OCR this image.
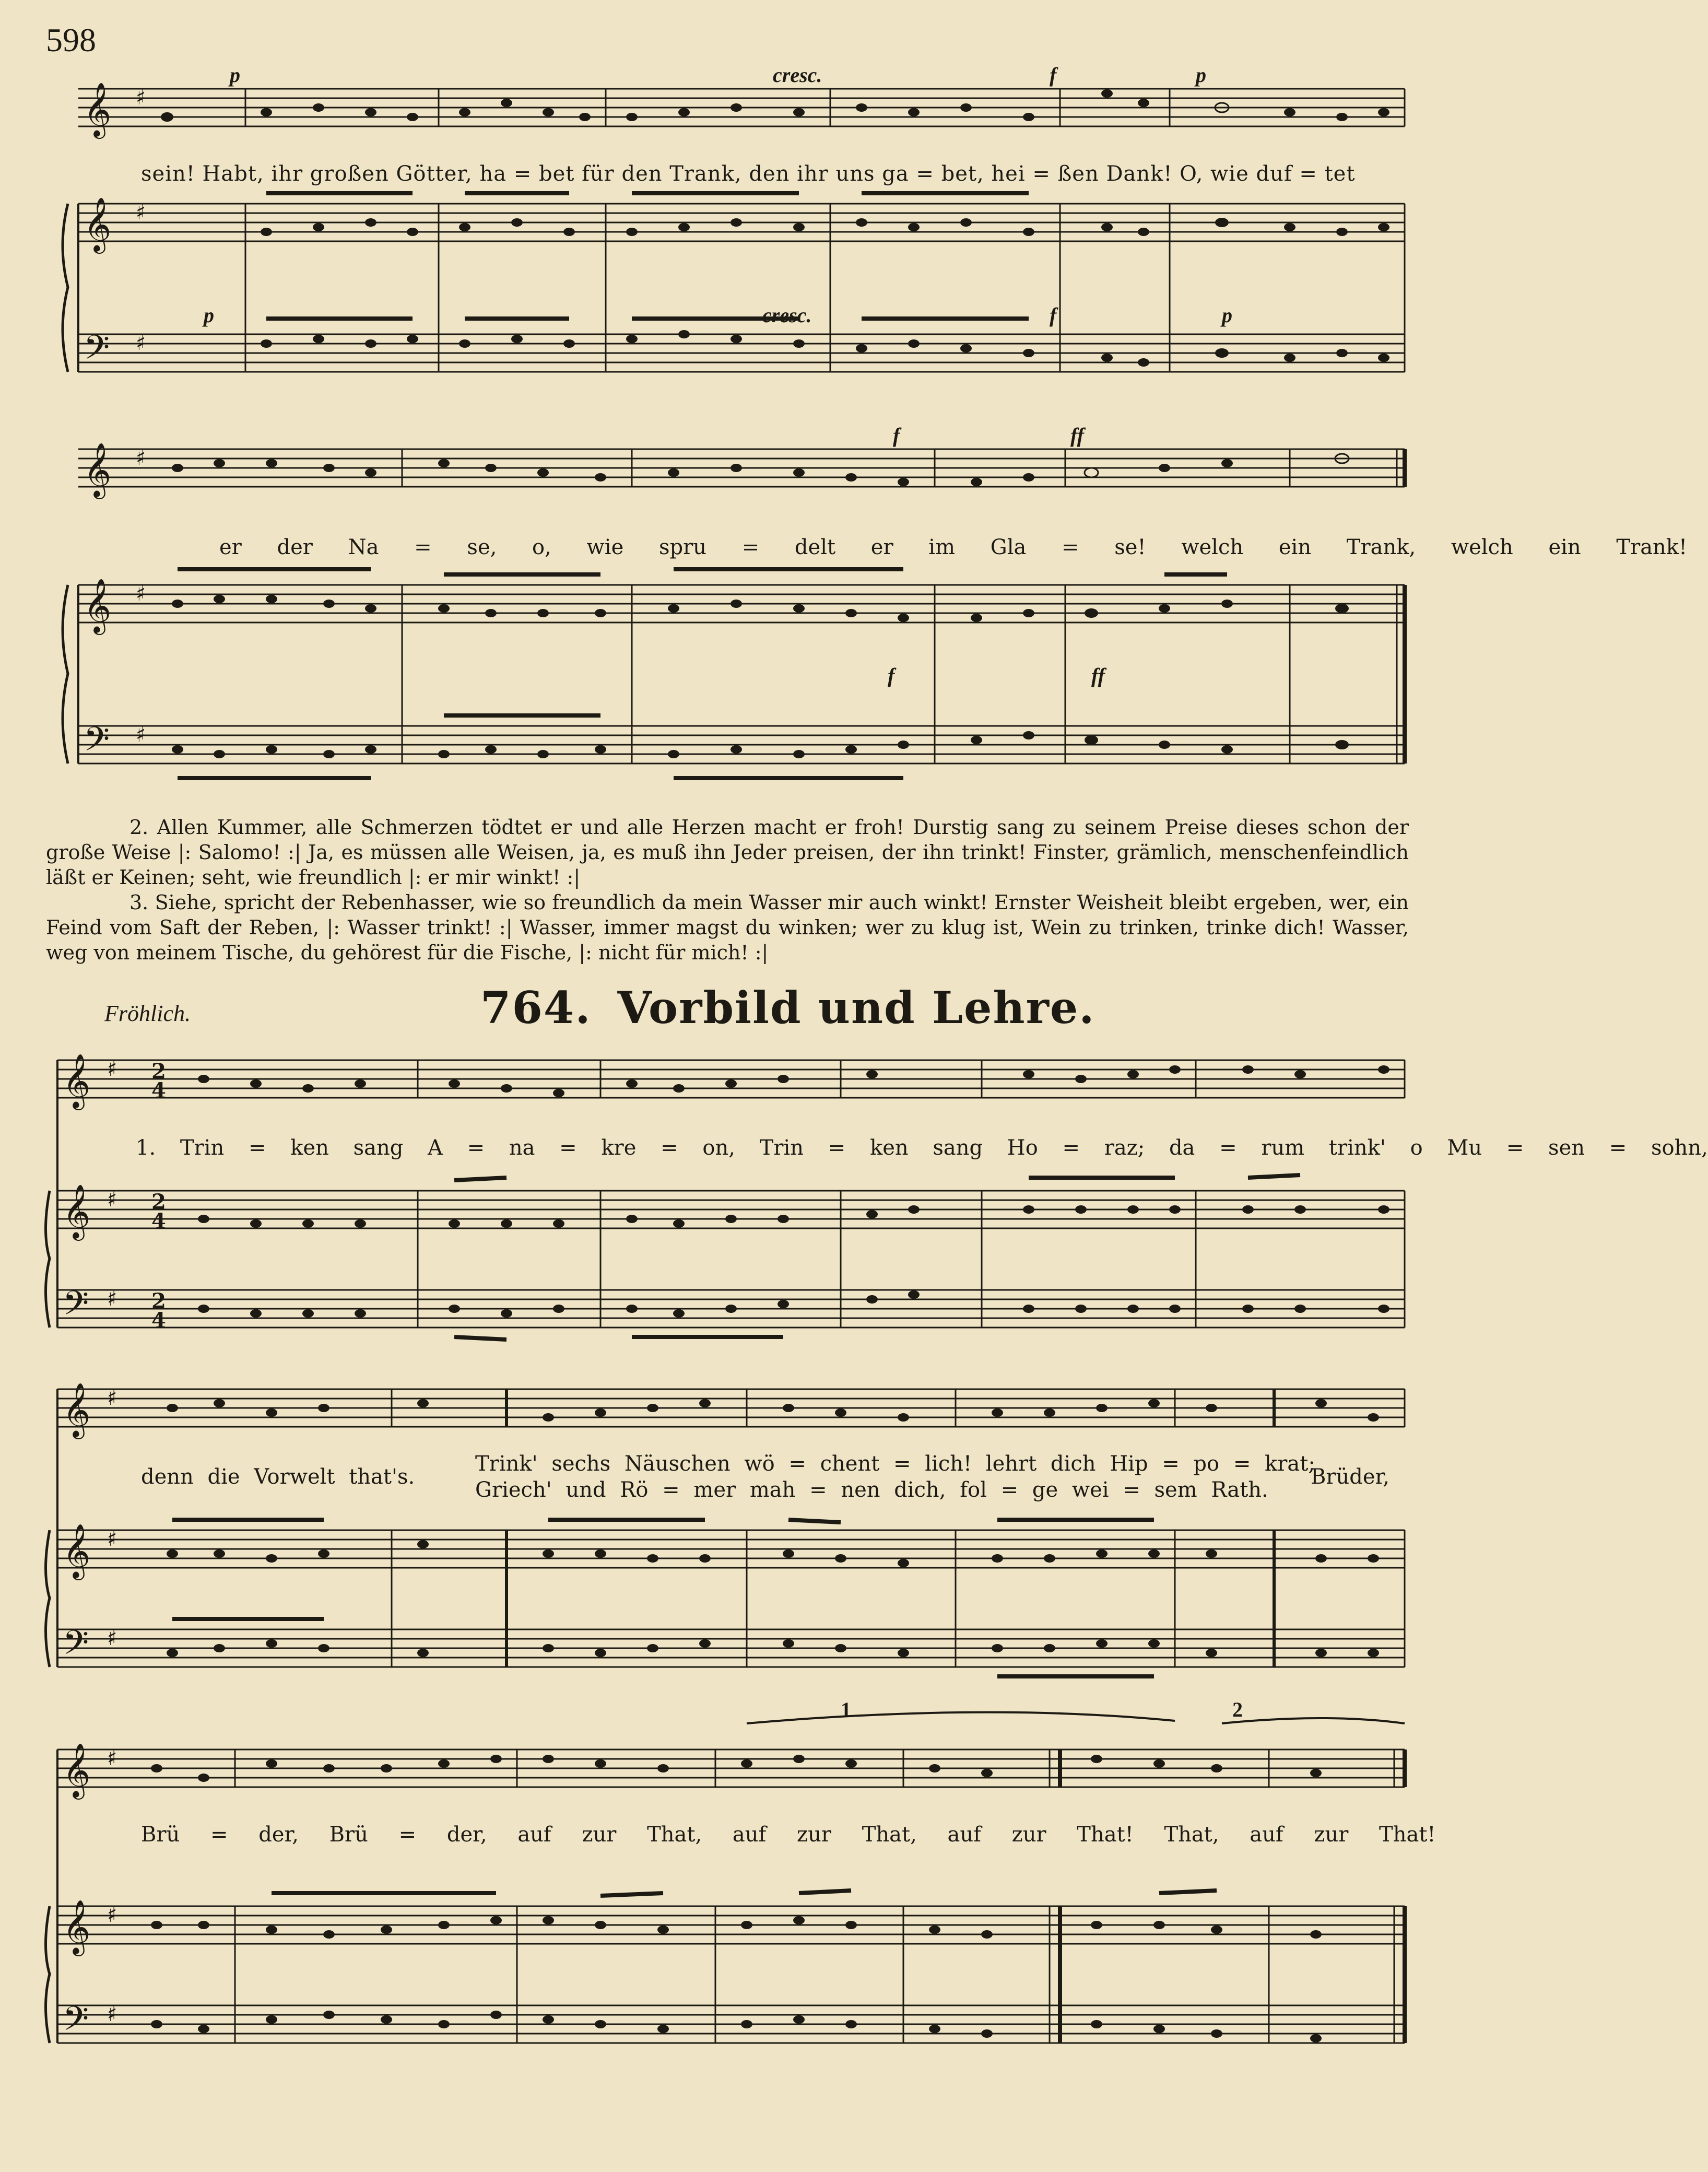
598
𝄞
𝄞
𝄢
♯
♯
♯
p	cresc.	f	p
p	cresc.	f	p
sein! Habt, ihr großen Götter, ha = bet für den Trank, den ihr uns ga = bet, hei = ßen Dank! O, wie duf = tet
𝄞
𝄞
𝄢
♯
♯
♯
f	ff
f	ff
er der Na = se, o, wie spru = delt er im Gla = se! welch ein Trank, welch ein Trank!

2. Allen Kummer, alle Schmerzen tödtet er und alle Herzen macht er froh! Durstig sang zu seinem Preise dieses schon der große Weise |: Salomo! :| Ja, es müssen alle Weisen, ja, es muß ihn Jeder preisen, der ihn trinkt! Finster, grämlich, menschenfeindlich läßt er Keinen; seht, wie freundlich |: er mir winkt! :|

3. Siehe, spricht der Rebenhasser, wie so freundlich da mein Wasser mir auch winkt! Ernster Weisheit bleibt ergeben, wer, ein Feind vom Saft der Reben, |: Wasser trinkt! :| Wasser, immer magst du winken; wer zu klug ist, Wein zu trinken, trinke dich! Wasser, weg von meinem Tische, du gehörest für die Fische, |: nicht für mich! :|

Fröhlich.	764. Vorbild und Lehre.
𝄞
𝄞
𝄢
♯
♯
♯
2
4
2
4
2
4
1. Trin = ken sang A = na = kre = on, Trin = ken sang Ho = raz; da = rum trink' o Mu = sen = sohn,
𝄞
𝄞
𝄢
♯
♯
♯
denn die Vorwelt that's.
Trink' sechs Näuschen wö = chent = lich! lehrt dich Hip = po = krat;
Griech' und Rö = mer mah = nen dich, fol = ge wei = sem Rath.
Brüder,
𝄞
𝄞
𝄢
♯
♯
♯
1	2
Brü = der, Brü = der, auf zur That, auf zur That, auf zur That! That, auf zur That!
